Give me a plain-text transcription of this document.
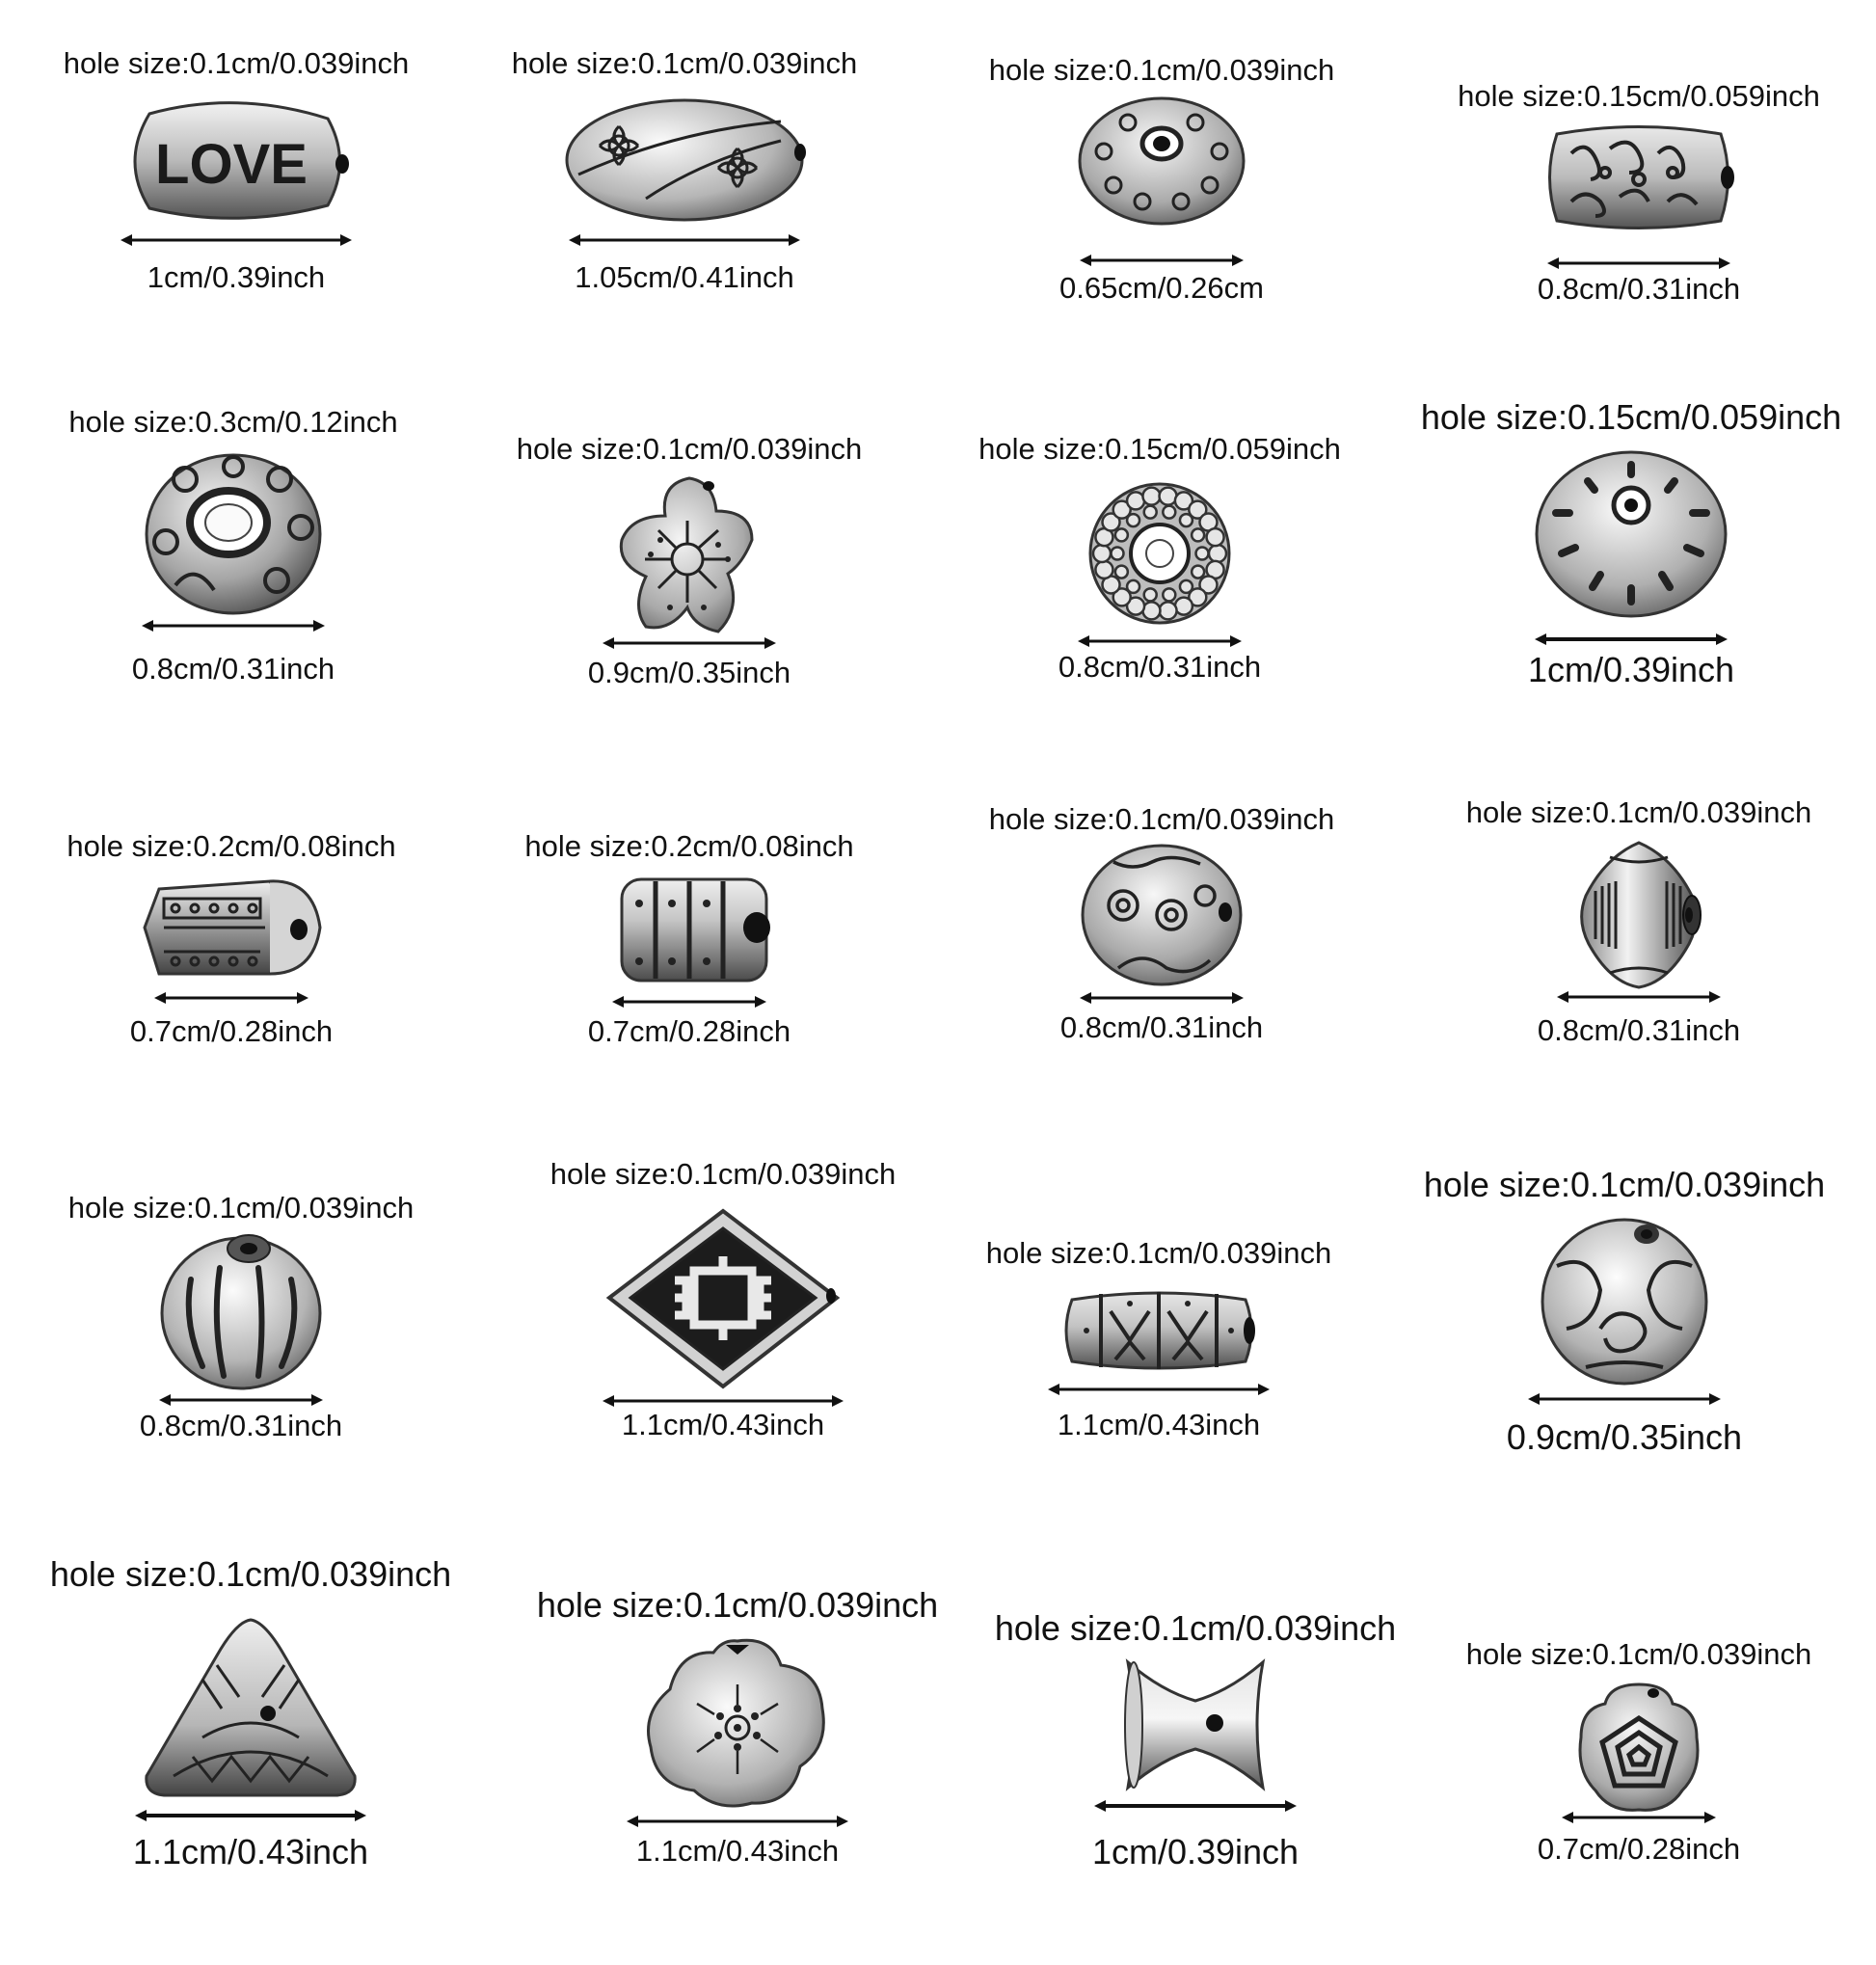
hole size:0.1cm/0.039inch
LOVE
1cm/0.39inch
hole size:0.1cm/0.039inch
1.05cm/0.41inch
hole size:0.1cm/0.039inch
0.65cm/0.26cm
hole size:0.15cm/0.059inch
0.8cm/0.31inch
hole size:0.3cm/0.12inch
0.8cm/0.31inch
hole size:0.1cm/0.039inch
0.9cm/0.35inch
hole size:0.15cm/0.059inch
0.8cm/0.31inch
hole size:0.15cm/0.059inch
1cm/0.39inch
hole size:0.2cm/0.08inch
0.7cm/0.28inch
hole size:0.2cm/0.08inch
0.7cm/0.28inch
hole size:0.1cm/0.039inch
0.8cm/0.31inch
hole size:0.1cm/0.039inch
0.8cm/0.31inch
hole size:0.1cm/0.039inch
0.8cm/0.31inch
hole size:0.1cm/0.039inch
1.1cm/0.43inch
hole size:0.1cm/0.039inch
1.1cm/0.43inch
hole size:0.1cm/0.039inch
0.9cm/0.35inch
hole size:0.1cm/0.039inch
1.1cm/0.43inch
hole size:0.1cm/0.039inch
1.1cm/0.43inch
hole size:0.1cm/0.039inch
1cm/0.39inch
hole size:0.1cm/0.039inch
0.7cm/0.28inch
